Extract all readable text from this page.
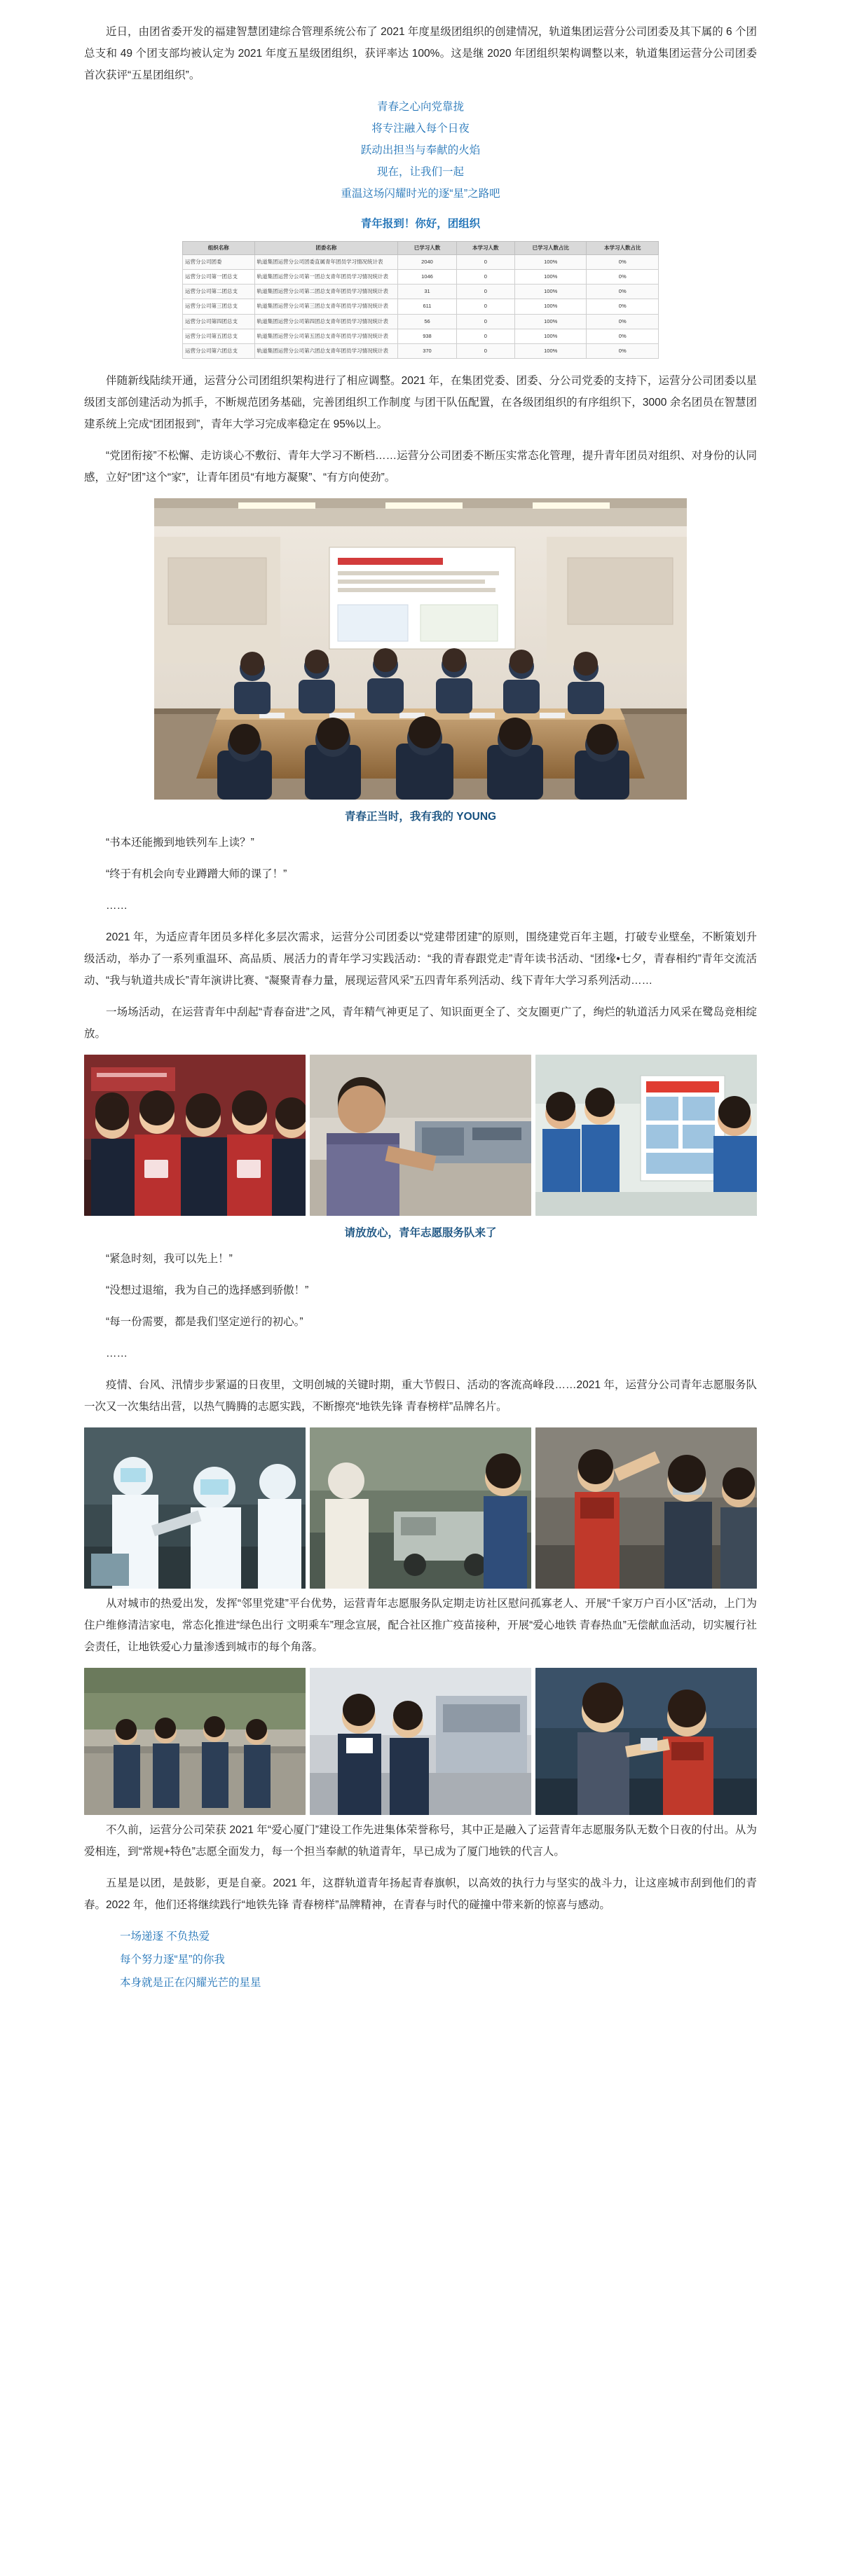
近日，由团省委开发的福建智慧团建综合管理系统公布了 2021 年度星级团组织的创建情况，轨道集团运营分公司团委及其下属的 6 个团总支和 49 个团支部均被认定为 2021 年度五星级团组织，获评率达 100%。这是继 2020 年团组织架构调整以来，轨道集团运营分公司团委首次获评“五星团组织”。

青春之心向党靠拢
将专注融入每个日夜
跃动出担当与奉献的火焰
现在，让我们一起
重温这场闪耀时光的逐“星”之路吧
青年报到！你好，团组织
组织名称	团委名称	已学习人数	本学习人数	已学习人数占比	本学习人数占比
运营分公司团委	轨道集团运营分公司团委直属青年团员学习情况统计表	2040	0	100%	0%
运营分公司第一团总支	轨道集团运营分公司第一团总支青年团员学习情况统计表	1046	0	100%	0%
运营分公司第二团总支	轨道集团运营分公司第二团总支青年团员学习情况统计表	31	0	100%	0%
运营分公司第三团总支	轨道集团运营分公司第三团总支青年团员学习情况统计表	611	0	100%	0%
运营分公司第四团总支	轨道集团运营分公司第四团总支青年团员学习情况统计表	56	0	100%	0%
运营分公司第五团总支	轨道集团运营分公司第五团总支青年团员学习情况统计表	938	0	100%	0%
运营分公司第六团总支	轨道集团运营分公司第六团总支青年团员学习情况统计表	370	0	100%	0%

伴随新线陆续开通，运营分公司团组织架构进行了相应调整。2021 年，在集团党委、团委、分公司党委的支持下，运营分公司团委以星级团支部创建活动为抓手，不断规范团务基础，完善团组织工作制度 与团干队伍配置，在各级团组织的有序组织下，3000 余名团员在智慧团建系统上完成“团团报到”，青年大学习完成率稳定在 95%以上。

“党团衔接”不松懈、走访谈心不敷衍、青年大学习不断档……运营分公司团委不断压实常态化管理，提升青年团员对组织、对身份的认同感，立好“团”这个“家”，让青年团员“有地方凝聚”、“有方向使劲”。

青春正当时，我有我的 YOUNG

“书本还能搬到地铁列车上读？”

“终于有机会向专业蹲蹭大师的课了！”

……

2021 年，为适应青年团员多样化多层次需求，运营分公司团委以“党建带团建”的原则，围绕建党百年主题，打破专业壁垒，不断策划升级活动，举办了一系列重温环、高品质、展活力的青年学习实践活动：“我的青春跟党走”青年读书活动、“团缘•七夕，青春相约”青年交流活动、“我与轨道共成长”青年演讲比赛、“凝聚青春力量，展现运营风采”五四青年系列活动、线下青年大学习系列活动……

一场场活动，在运营青年中刮起“青春奋进”之风，青年精气神更足了、知识面更全了、交友圈更广了，绚烂的轨道活力风采在鹭岛竞相绽放。

请放放心，青年志愿服务队来了

“紧急时刻，我可以先上！”

“没想过退缩，我为自己的选择感到骄傲！”

“每一份需要，都是我们坚定逆行的初心。”

……

疫情、台风、汛情步步紧逼的日夜里，文明创城的关键时期，重大节假日、活动的客流高峰段……2021 年，运营分公司青年志愿服务队一次又一次集结出营，以热气腾腾的志愿实践，不断擦亮“地铁先锋 青春榜样”品牌名片。

从对城市的热爱出发，发挥“邻里党建”平台优势，运营青年志愿服务队定期走访社区慰问孤寡老人、开展“千家万户百小区”活动，上门为住户维修清洁家电，常态化推进“绿色出行 文明乘车”理念宣展，配合社区推广疫苗接种，开展“爱心地铁 青春热血”无偿献血活动，切实履行社会责任，让地铁爱心力量渗透到城市的每个角落。

不久前，运营分公司荣获 2021 年“爱心厦门”建设工作先进集体荣誉称号，其中正是融入了运营青年志愿服务队无数个日夜的付出。从为爱相连，到“常规+特色”志愿全面发力，每一个担当奉献的轨道青年，早已成为了厦门地铁的代言人。

五星是以团，是鼓影，更是自豪。2021 年，这群轨道青年扬起青春旗帜，以高效的执行力与坚实的战斗力，让这座城市刮到他们的青春。2022 年，他们还将继续践行“地铁先锋 青春榜样”品牌精神，在青春与时代的碰撞中带来新的惊喜与感动。

一场递逐 不负热爱
每个努力逐“星”的你我
本身就是正在闪耀光芒的星星
